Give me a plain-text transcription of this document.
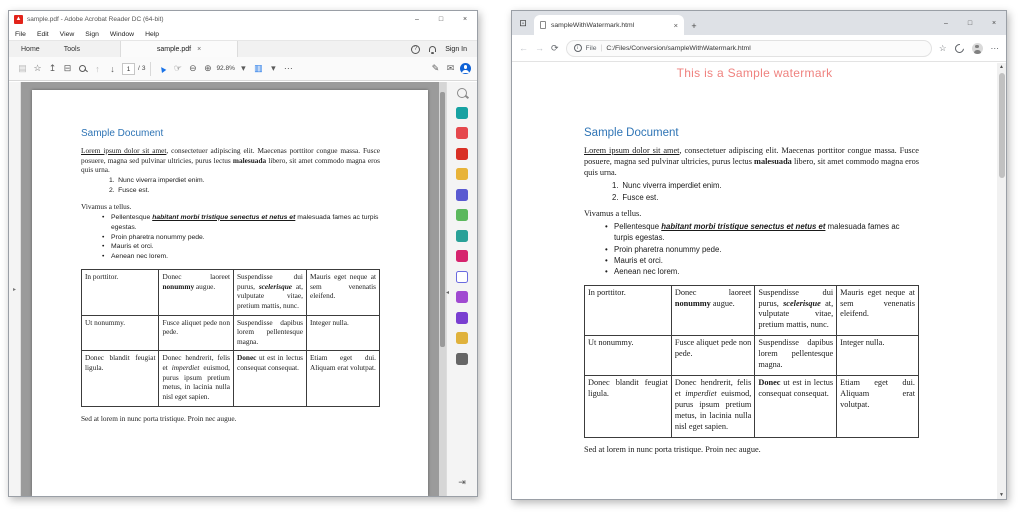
▲ sample.pdf - Adobe Acrobat Reader DC (64-bit)	–	□	×
File Edit View Sign Window Help
Home	Tools	sample.pdf ×	?	Sign In
▤ ☆ ↥ ⊟	↑	↓	1	/ 3 ▲ ☞ ⊖ ⊕ 92.8% ▾ ▥ ▾ ⋯	✎ ✉
▸
Sample Document

Lorem ipsum dolor sit amet, consectetuer adipiscing elit. Maecenas porttitor congue massa. Fusce posuere, magna sed pulvinar ultricies, purus lectus malesuada libero, sit amet commodo magna eros quis urna.

Nunc viverra imperdiet enim.
Fusce est.

Vivamus a tellus.

• Pellentesque habitant morbi tristique senectus et netus et malesuada fames ac turpis egestas.
• Proin pharetra nonummy pede.
• Mauris et orci.
• Aenean nec lorem.
In porttitor.	Donec laoreet nonummy augue.	Suspendisse dui purus, scelerisque at, vulputate vitae, pretium mattis, nunc.	Mauris eget neque at sem venenatis eleifend.
Ut nonummy.	Fusce aliquet pede non pede.	Suspendisse dapibus lorem pellentesque magna.	Integer nulla.
Donec blandit feugiat ligula.	Donec hendrerit, felis et imperdiet euismod, purus ipsum pretium metus, in lacinia nulla nisl eget sapien.	Donec ut est in lectus consequat consequat.	Etiam eget dui. Aliquam erat volutpat.

Sed at lorem in nunc porta tristique. Proin nec augue.

◂
⇥
⊡	sampleWithWatermark.html	×	+	–	□	×
← → ⟳	i	File | C:/Files/Conversion/sampleWithWatermark.html	☆	⋯
This is a Sample watermark
Sample Document

Lorem ipsum dolor sit amet, consectetuer adipiscing elit. Maecenas porttitor congue massa. Fusce posuere, magna sed pulvinar ultricies, purus lectus malesuada libero, sit amet commodo magna eros quis urna.

Nunc viverra imperdiet enim.
Fusce est.

Vivamus a tellus.

• Pellentesque habitant morbi tristique senectus et netus et malesuada fames ac turpis egestas.
• Proin pharetra nonummy pede.
• Mauris et orci.
• Aenean nec lorem.
In porttitor.	Donec laoreet nonummy augue.	Suspendisse dui purus, scelerisque at, vulputate vitae, pretium mattis, nunc.	Mauris eget neque at sem venenatis eleifend.
Ut nonummy.	Fusce aliquet pede non pede.	Suspendisse dapibus lorem pellentesque magna.	Integer nulla.
Donec blandit feugiat ligula.	Donec hendrerit, felis et imperdiet euismod, purus ipsum pretium metus, in lacinia nulla nisl eget sapien.	Donec ut est in lectus consequat consequat.	Etiam eget dui. Aliquam erat volutpat.

Sed at lorem in nunc porta tristique. Proin nec augue.

▲
▼
